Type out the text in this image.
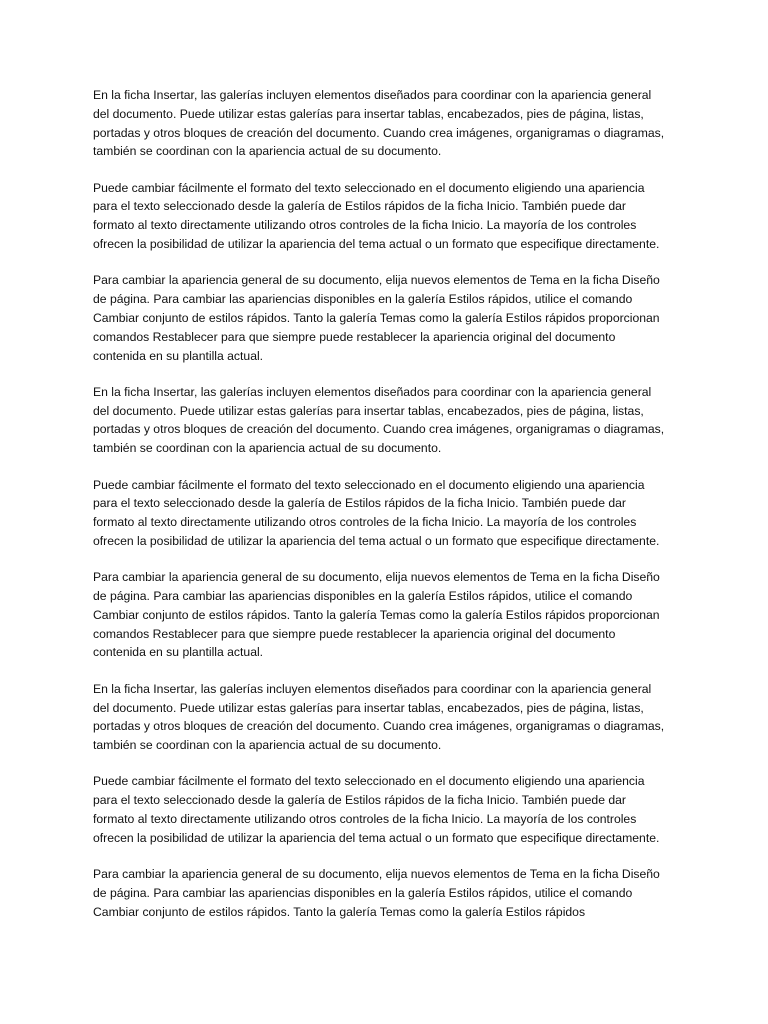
En la ficha Insertar, las galerías incluyen elementos diseñados para coordinar con la apariencia general del documento. Puede utilizar estas galerías para insertar tablas, encabezados, pies de página, listas, portadas y otros bloques de creación del documento. Cuando crea imágenes, organigramas o diagramas, también se coordinan con la apariencia actual de su documento.

Puede cambiar fácilmente el formato del texto seleccionado en el documento eligiendo una apariencia para el texto seleccionado desde la galería de Estilos rápidos de la ficha Inicio. También puede dar formato al texto directamente utilizando otros controles de la ficha Inicio. La mayoría de los controles ofrecen la posibilidad de utilizar la apariencia del tema actual o un formato que especifique directamente.

Para cambiar la apariencia general de su documento, elija nuevos elementos de Tema en la ficha Diseño de página. Para cambiar las apariencias disponibles en la galería Estilos rápidos, utilice el comando Cambiar conjunto de estilos rápidos. Tanto la galería Temas como la galería Estilos rápidos proporcionan comandos Restablecer para que siempre puede restablecer la apariencia original del documento contenida en su plantilla actual.

En la ficha Insertar, las galerías incluyen elementos diseñados para coordinar con la apariencia general del documento. Puede utilizar estas galerías para insertar tablas, encabezados, pies de página, listas, portadas y otros bloques de creación del documento. Cuando crea imágenes, organigramas o diagramas, también se coordinan con la apariencia actual de su documento.

Puede cambiar fácilmente el formato del texto seleccionado en el documento eligiendo una apariencia para el texto seleccionado desde la galería de Estilos rápidos de la ficha Inicio. También puede dar formato al texto directamente utilizando otros controles de la ficha Inicio. La mayoría de los controles ofrecen la posibilidad de utilizar la apariencia del tema actual o un formato que especifique directamente.

Para cambiar la apariencia general de su documento, elija nuevos elementos de Tema en la ficha Diseño de página. Para cambiar las apariencias disponibles en la galería Estilos rápidos, utilice el comando Cambiar conjunto de estilos rápidos. Tanto la galería Temas como la galería Estilos rápidos proporcionan comandos Restablecer para que siempre puede restablecer la apariencia original del documento contenida en su plantilla actual.

En la ficha Insertar, las galerías incluyen elementos diseñados para coordinar con la apariencia general del documento. Puede utilizar estas galerías para insertar tablas, encabezados, pies de página, listas, portadas y otros bloques de creación del documento. Cuando crea imágenes, organigramas o diagramas, también se coordinan con la apariencia actual de su documento.

Puede cambiar fácilmente el formato del texto seleccionado en el documento eligiendo una apariencia para el texto seleccionado desde la galería de Estilos rápidos de la ficha Inicio. También puede dar formato al texto directamente utilizando otros controles de la ficha Inicio. La mayoría de los controles ofrecen la posibilidad de utilizar la apariencia del tema actual o un formato que especifique directamente.

Para cambiar la apariencia general de su documento, elija nuevos elementos de Tema en la ficha Diseño de página. Para cambiar las apariencias disponibles en la galería Estilos rápidos, utilice el comando Cambiar conjunto de estilos rápidos. Tanto la galería Temas como la galería Estilos rápidos
